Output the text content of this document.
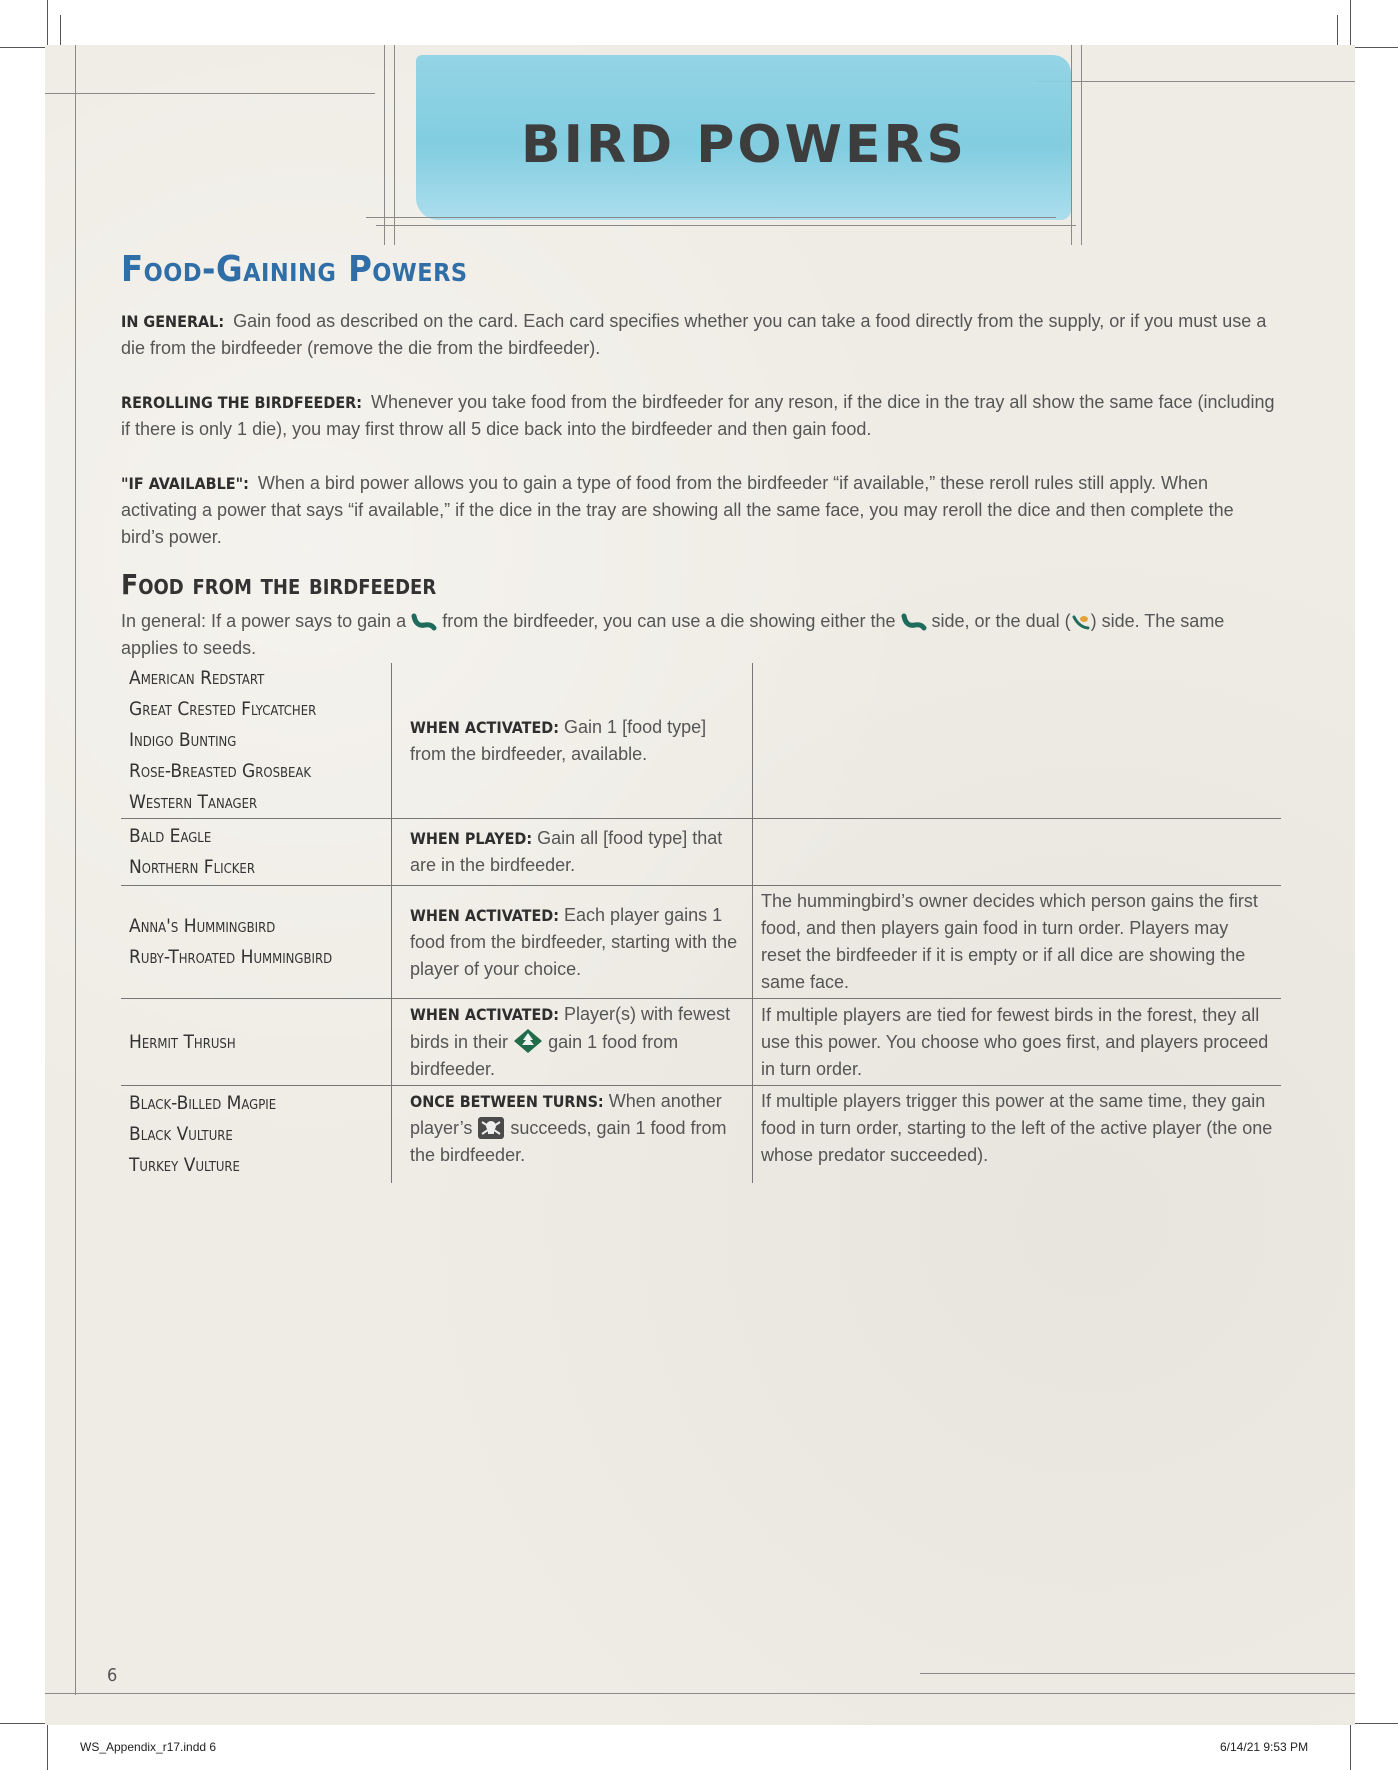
BIRD POWERS
Food-Gaining Powers

IN GENERAL: Gain food as described on the card. Each card specifies whether you can take a food directly from the supply, or if you must use a die from the birdfeeder (remove the die from the birdfeeder).

REROLLING THE BIRDFEEDER: Whenever you take food from the birdfeeder for any reson, if the dice in the tray all show the same face (including if there is only 1 die), you may first throw all 5 dice back into the birdfeeder and then gain food.

"IF AVAILABLE": When a bird power allows you to gain a type of food from the birdfeeder “if available,” these reroll rules still apply. When activating a power that says “if available,” if the dice in the tray are showing all the same face, you may reroll the dice and then complete the bird’s power.

Food from the birdfeeder

In general: If a power says to gain a from the birdfeeder, you can use a die showing either the side, or the dual ( ) side. The same applies to seeds.

American Redstart
Great Crested Flycatcher
Indigo Bunting
Rose-Breasted Grosbeak
Western Tanager	WHEN ACTIVATED: Gain 1 [food type] from the birdfeeder, available.	

Bald Eagle
Northern Flicker	WHEN PLAYED: Gain all [food type] that are in the birdfeeder.	

Anna's Hummingbird
Ruby-Throated Hummingbird	WHEN ACTIVATED: Each player gains 1 food from the birdfeeder, starting with the player of your choice.	The hummingbird’s owner decides which person gains the first food, and then players gain food in turn order. Players may reset the birdfeeder if it is empty or if all dice are showing the same face.

Hermit Thrush	WHEN ACTIVATED: Player(s) with fewest birds in their gain 1 food from birdfeeder.	If multiple players are tied for fewest birds in the forest, they all use this power. You choose who goes first, and players proceed in turn order.

Black-Billed Magpie
Black Vulture
Turkey Vulture	ONCE BETWEEN TURNS: When another player’s succeeds, gain 1 food from the birdfeeder.	If multiple players trigger this power at the same time, they gain food in turn order, starting to the left of the active player (the one whose predator succeeded).
6
WS_Appendix_r17.indd 6	6/14/21 9:53 PM
